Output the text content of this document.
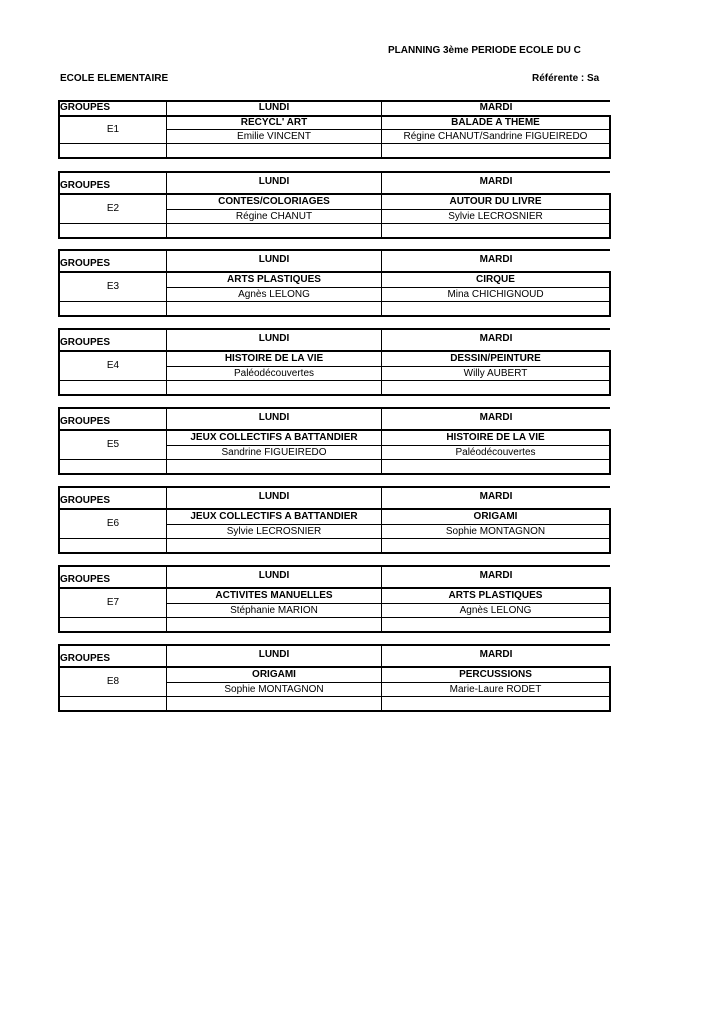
PLANNING 3ème PERIODE ECOLE DU C
ECOLE ELEMENTAIRE	Référente : Sa
GROUPES	LUNDI	MARDI
E1
RECYCL' ART	BALADE A THEME
Emilie VINCENT	Régine CHANUT/Sandrine FIGUEIREDO
GROUPES	LUNDI	MARDI
E2
CONTES/COLORIAGES	AUTOUR DU LIVRE
Régine CHANUT	Sylvie LECROSNIER
GROUPES	LUNDI	MARDI
E3
ARTS PLASTIQUES	CIRQUE
Agnès LELONG	Mina CHICHIGNOUD
GROUPES	LUNDI	MARDI
E4
HISTOIRE DE LA VIE	DESSIN/PEINTURE
Paléodécouvertes	Willy AUBERT
GROUPES	LUNDI	MARDI
E5
JEUX COLLECTIFS A BATTANDIER	HISTOIRE DE LA VIE
Sandrine FIGUEIREDO	Paléodécouvertes
GROUPES	LUNDI	MARDI
E6
JEUX COLLECTIFS A BATTANDIER	ORIGAMI
Sylvie LECROSNIER	Sophie MONTAGNON
GROUPES	LUNDI	MARDI
E7
ACTIVITES MANUELLES	ARTS PLASTIQUES
Stéphanie MARION	Agnès LELONG
GROUPES	LUNDI	MARDI
E8
ORIGAMI	PERCUSSIONS
Sophie MONTAGNON	Marie-Laure RODET
